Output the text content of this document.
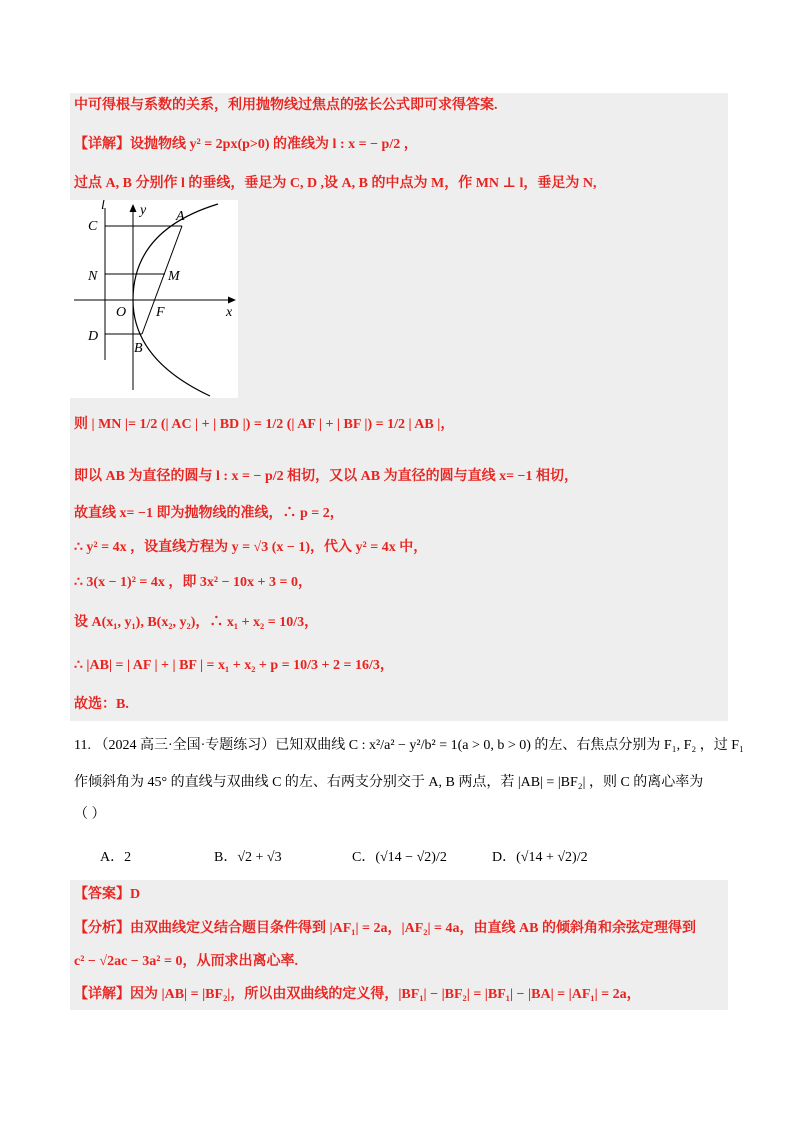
中可得根与系数的关系，利用抛物线过焦点的弦长公式即可求得答案.
【详解】设抛物线 y² = 2px(p>0) 的准线为 l : x = − p/2 ，
过点 A, B 分别作 l 的垂线，垂足为 C, D ,设 A, B 的中点为 M，作 MN ⊥ l，垂足为 N,
l	y A
C
N	M
O F	x
D
B
则 | MN |= 1/2 (| AC | + | BD |) = 1/2 (| AF | + | BF |) = 1/2 | AB |，
即以 AB 为直径的圆与 l : x = − p/2 相切，又以 AB 为直径的圆与直线 x= −1 相切，
故直线 x= −1 即为抛物线的准线，∴ p = 2，
∴ y² = 4x ，设直线方程为 y = √3 (x − 1)，代入 y² = 4x 中，
∴ 3(x − 1)² = 4x ，即 3x² − 10x + 3 = 0，
设 A(x₁, y₁), B(x₂, y₂)，∴ x₁ + x₂ = 10/3，
∴ |AB| = | AF | + | BF | = x₁ + x₂ + p = 10/3 + 2 = 16/3，
故选：B.
11. （2024 高三·全国·专题练习）已知双曲线 C : x²/a² − y²/b² = 1(a > 0, b > 0) 的左、右焦点分别为 F₁, F₂ ，过 F₁
作倾斜角为 45° 的直线与双曲线 C 的左、右两支分别交于 A, B 两点，若 |AB| = |BF₂| ，则 C 的离心率为
（ ）
A．2	B．√2 + √3	C．(√14 − √2)/2	D．(√14 + √2)/2
【答案】D
【分析】由双曲线定义结合题目条件得到 |AF₁| = 2a，|AF₂| = 4a，由直线 AB 的倾斜角和余弦定理得到
c² − √2ac − 3a² = 0，从而求出离心率.
【详解】因为 |AB| = |BF₂|，所以由双曲线的定义得，|BF₁| − |BF₂| = |BF₁| − |BA| = |AF₁| = 2a，
